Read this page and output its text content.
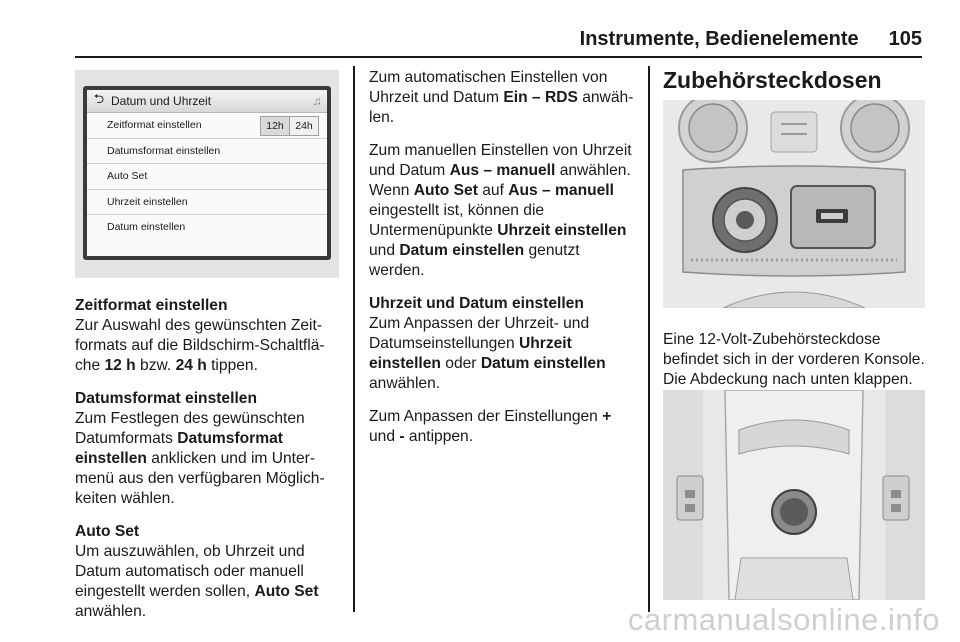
Instrumente, Bedienelemente 105
⮌ Datum und Uhrzeit	♫
Zeitformat einstellen	12h	24h
Datumsformat einstellen
Auto Set
Uhrzeit einstellen
Datum einstellen
Zeitformat einstellen

Zur Auswahl des gewünschten Zeitformats auf die Bildschirm-Schaltfläche 12 h bzw. 24 h tippen.

Datumsformat einstellen

Zum Festlegen des gewünschten Datumformats Datumsformat einstellen anklicken und im Untermenü aus den verfügbaren Möglichkeiten wählen.

Auto Set

Um auszuwählen, ob Uhrzeit und Datum automatisch oder manuell eingestellt werden sollen, Auto Set anwählen.

Zum automatischen Einstellen von Uhrzeit und Datum Ein – RDS anwählen.

Zum manuellen Einstellen von Uhrzeit und Datum Aus – manuell anwählen. Wenn Auto Set auf Aus – manuell eingestellt ist, können die Untermenüpunkte Uhrzeit einstellen und Datum einstellen genutzt werden.

Uhrzeit und Datum einstellen

Zum Anpassen der Uhrzeit- und Datumseinstellungen Uhrzeit einstellen oder Datum einstellen anwählen.

Zum Anpassen der Einstellungen + und - antippen.

Zubehörsteckdosen

Eine 12-Volt-Zubehörsteckdose befindet sich in der vorderen Konsole. Die Abdeckung nach unten klappen.

carmanualsonline.info
